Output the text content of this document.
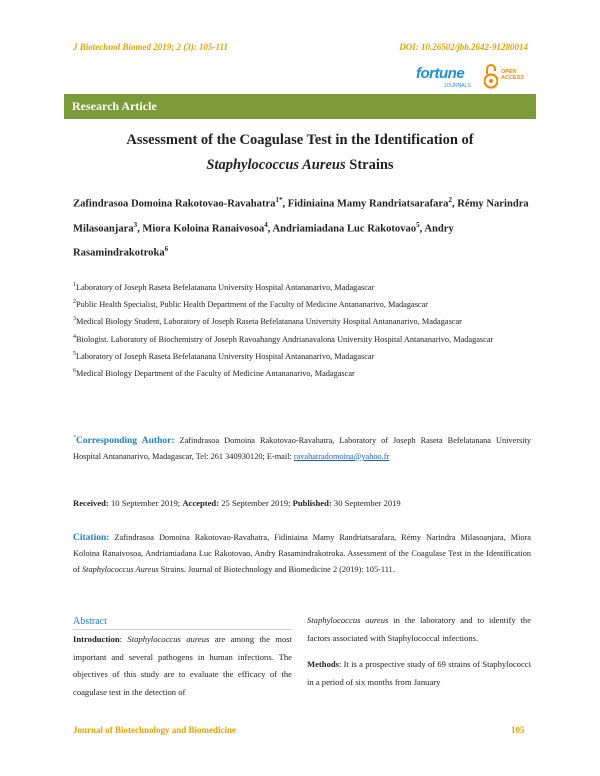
J Biotechnol Biomed 2019; 2 (3): 105-111	DOI: 10.26502/jbb.2642-91280014
fortune
JOURNALS
OPEN
ACCESS
Research Article
Assessment of the Coagulase Test in the Identification of
Staphylococcus Aureus Strains
Zafindrasoa Domoina Rakotovao-Ravahatra$^{1*}$, Fidiniaina Mamy Randriatsarafara$^2$, Rémy Narindra Milasoanjara$^3$, Miora Koloina Ranaivosoa$^4$, Andriamiadana Luc Rakotovao$^5$, Andry Rasamindrakotroka$^6$

$^1$Laboratory of Joseph Raseta Befelatanana University Hospital Antananarivo, Madagascar

$^2$Public Health Specialist, Public Health Department of the Faculty of Medicine Antananarivo, Madagascar

$^3$Medical Biology Student, Laboratory of Joseph Raseta Befelatanana University Hospital Antananarivo, Madagascar

$^4$Biologist. Laboratory of Biochemistry of Joseph Ravoahangy Andrianavalona University Hospital Antananarivo, Madagascar

$^5$Laboratory of Joseph Raseta Befelatanana University Hospital Antananarivo, Madagascar

$^6$Medical Biology Department of the Faculty of Medicine Antananarivo, Madagascar

*Corresponding Author: Zafindrasoa Domoina Rakotovao-Ravahatra, Laboratory of Joseph Raseta Befelatanana University Hospital Antananarivo, Madagascar, Tel: 261 340930120; E-mail: ravahatradomoina@yahoo.fr
Received: 10 September 2019; Accepted: 25 September 2019; Published: 30 September 2019
Citation: Zafindrasoa Domoina Rakotovao-Ravahatra, Fidiniaina Mamy Randriatsarafara, Rémy Narindra Milasoanjara, Miora Koloina Ranaivosoa, Andriamiadana Luc Rakotovao, Andry Rasamindrakotroka. Assessment of the Coagulase Test in the Identification of Staphylococcus Aureus Strains. Journal of Biotechnology and Biomedicine 2 (2019): 105-111.
Abstract

Introduction: Staphylococcus aureus are among the most important and several pathogens in human infections. The objectives of this study are to evaluate the efficacy of the coagulase test in the detection of

Staphylococcus aureus in the laboratory and to identify the factors associated with Staphylococcal infections.

Methods: It is a prospective study of 69 strains of Staphylococci in a period of six months from January

Journal of Biotechnology and Biomedicine	105
